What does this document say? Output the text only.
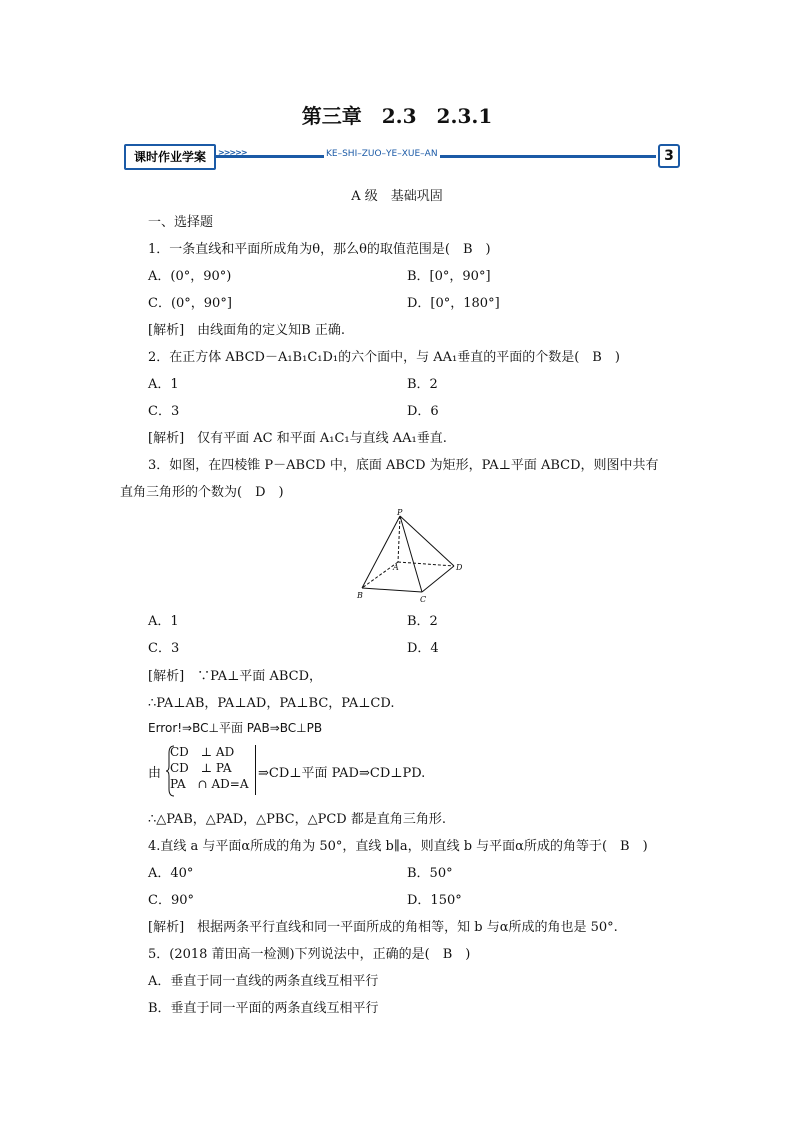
第三章　2.3　2.3.1
课时作业学案	>>>>>	KE–SHI–ZUO–YE–XUE–AN	3
A 级　基础巩固
一、选择题
1．一条直线和平面所成角为θ，那么θ的取值范围是(　B　)
A．(0°，90°)	B．[0°，90°]
C．(0°，90°]	D．[0°，180°]
[解析]　由线面角的定义知B 正确.
2．在正方体 ABCD－A₁B₁C₁D₁的六个面中，与 AA₁垂直的平面的个数是(　B　)
A．1	B．2
C．3	D．6
[解析]　仅有平面 AC 和平面 A₁C₁与直线 AA₁垂直.
3．如图，在四棱锥 P－ABCD 中，底面 ABCD 为矩形，PA⊥平面 ABCD，则图中共有
直角三角形的个数为(　D　)
P
A
B	C
D
A．1	B．2
C．3	D．4
[解析]　∵PA⊥平面 ABCD，
∴PA⊥AB，PA⊥AD，PA⊥BC，PA⊥CD.
Error!⇒BC⊥平面 PAB⇒BC⊥PB
由
CD　⊥ AD
CD　⊥ PA
PA　∩ AD=A
⇒CD⊥平面 PAD⇒CD⊥PD.
∴△PAB，△PAD，△PBC，△PCD 都是直角三角形.
4.直线 a 与平面α所成的角为 50°，直线 b∥a，则直线 b 与平面α所成的角等于(　B　)
A．40°	B．50°
C．90°	D．150°
[解析]　根据两条平行直线和同一平面所成的角相等，知 b 与α所成的角也是 50°.
5．(2018 莆田高一检测)下列说法中，正确的是(　B　)
A．垂直于同一直线的两条直线互相平行
B．垂直于同一平面的两条直线互相平行
